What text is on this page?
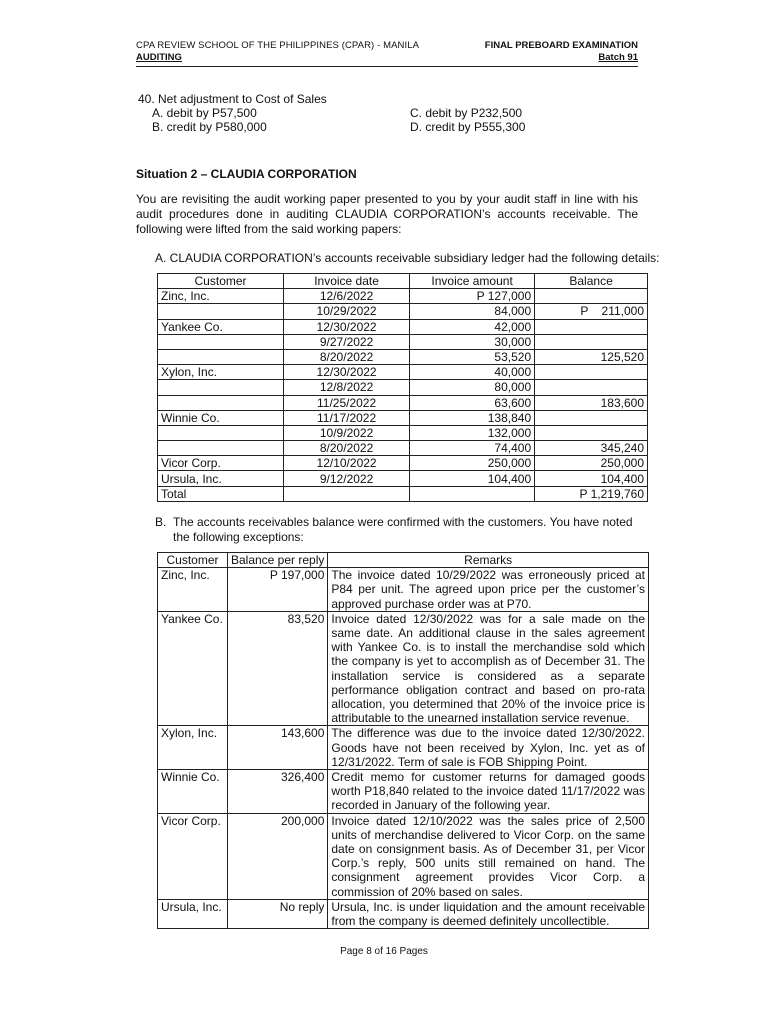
CPA REVIEW SCHOOL OF THE PHILIPPINES (CPAR) - MANILA
AUDITING
FINAL PREBOARD EXAMINATION
Batch 91
40. Net adjustment to Cost of Sales
A. debit by P57,500
B. credit by P580,000
C. debit by P232,500
D. credit by P555,300
Situation 2 – CLAUDIA CORPORATION
You are revisiting the audit working paper presented to you by your audit staff in line with his audit procedures done in auditing CLAUDIA CORPORATION’s accounts receivable. The following were lifted from the said working papers:
A. CLAUDIA CORPORATION’s accounts receivable subsidiary ledger had the following details:
Customer	Invoice date	Invoice amount	Balance
Zinc, Inc.	12/6/2022	P 127,000	
	10/29/2022	84,000	P    211,000
Yankee Co.	12/30/2022	42,000	
	9/27/2022	30,000	
	8/20/2022	53,520	125,520
Xylon, Inc.	12/30/2022	40,000	
	12/8/2022	80,000	
	11/25/2022	63,600	183,600
Winnie Co.	11/17/2022	138,840	
	10/9/2022	132,000	
	8/20/2022	74,400	345,240
Vicor Corp.	12/10/2022	250,000	250,000
Ursula, Inc.	9/12/2022	104,400	104,400
Total			P 1,219,760
B. The accounts receivables balance were confirmed with the customers. You have noted the following exceptions:
Customer	Balance per reply	Remarks
Zinc, Inc.	P 197,000	The invoice dated 10/29/2022 was erroneously priced at P84 per unit. The agreed upon price per the customer’s approved purchase order was at P70.
Yankee Co.	83,520	Invoice dated 12/30/2022 was for a sale made on the same date. An additional clause in the sales agreement with Yankee Co. is to install the merchandise sold which the company is yet to accomplish as of December 31. The installation service is considered as a separate performance obligation contract and based on pro-rata allocation, you determined that 20% of the invoice price is attributable to the unearned installation service revenue.
Xylon, Inc.	143,600	The difference was due to the invoice dated 12/30/2022. Goods have not been received by Xylon, Inc. yet as of 12/31/2022. Term of sale is FOB Shipping Point.
Winnie Co.	326,400	Credit memo for customer returns for damaged goods worth P18,840 related to the invoice dated 11/17/2022 was recorded in January of the following year.
Vicor Corp.	200,000	Invoice dated 12/10/2022 was the sales price of 2,500 units of merchandise delivered to Vicor Corp. on the same date on consignment basis. As of December 31, per Vicor Corp.’s reply, 500 units still remained on hand. The consignment agreement provides Vicor Corp. a commission of 20% based on sales.
Ursula, Inc.	No reply	Ursula, Inc. is under liquidation and the amount receivable from the company is deemed definitely uncollectible.
Page 8 of 16 Pages
